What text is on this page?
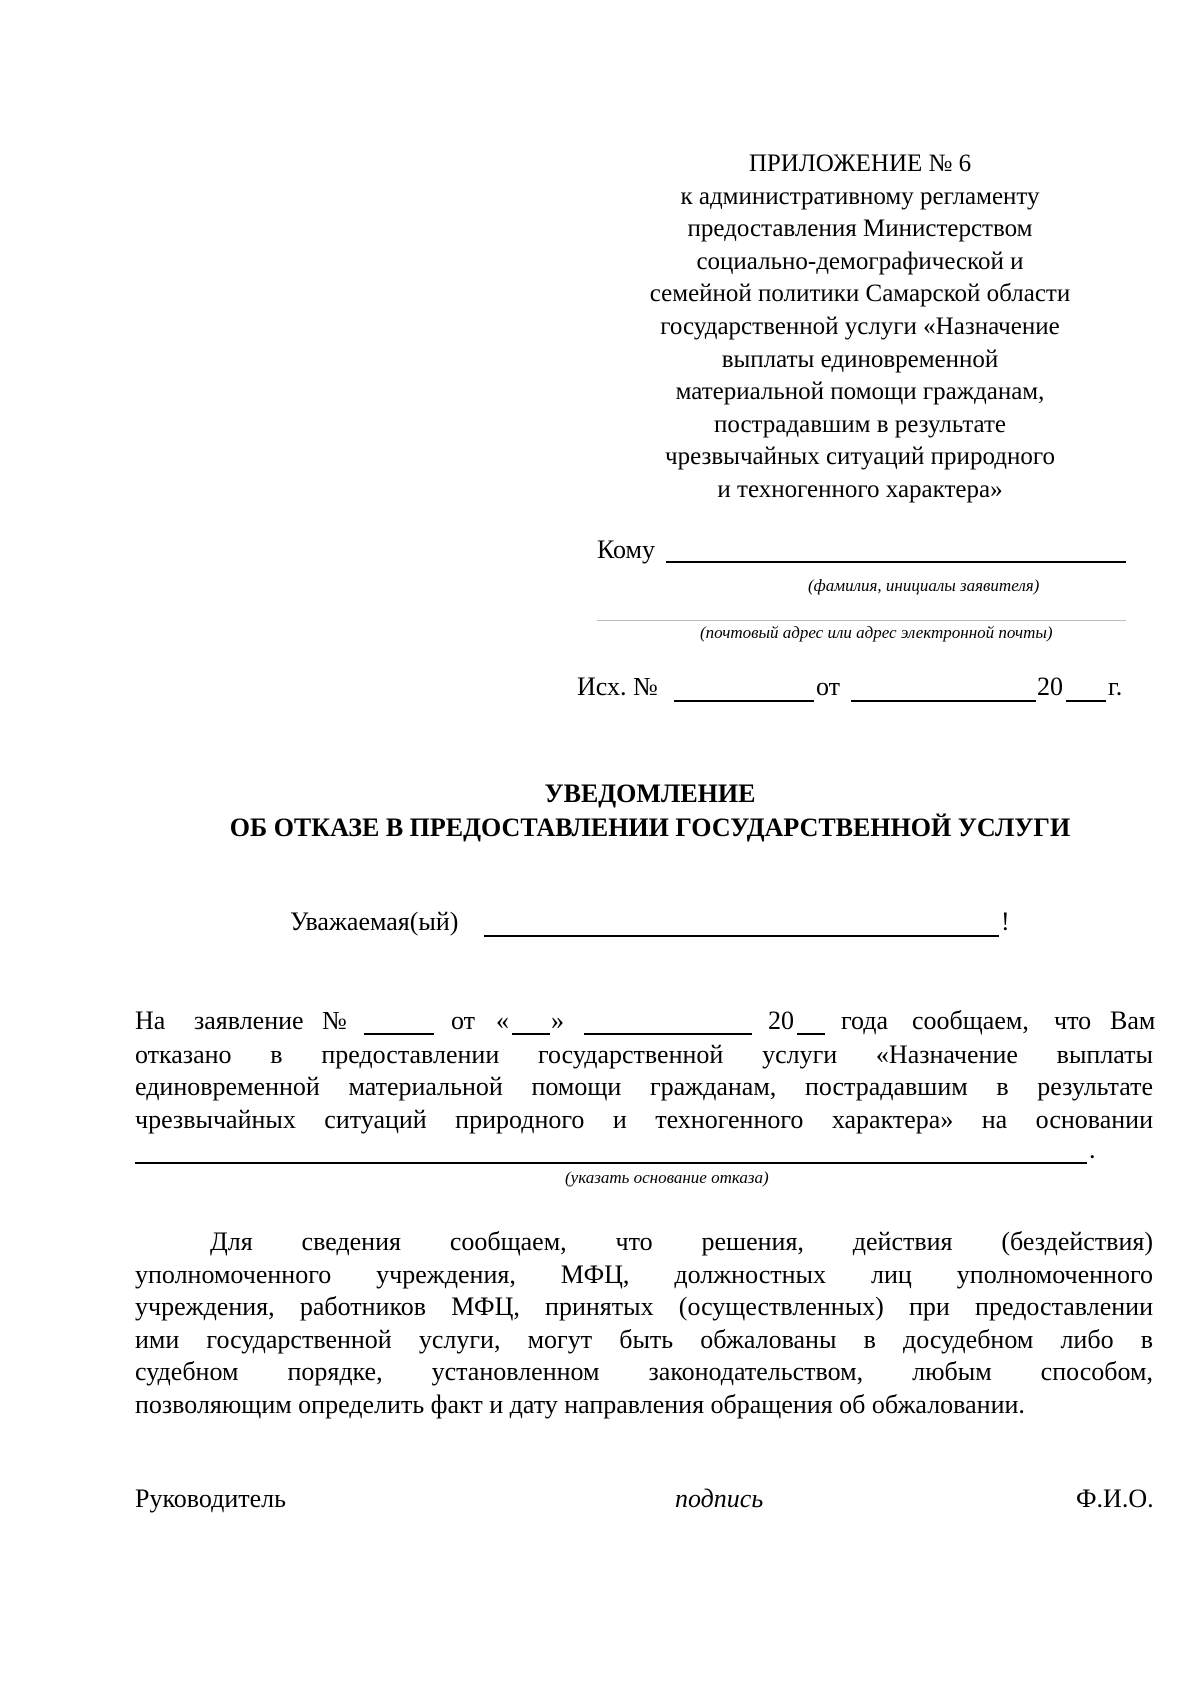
ПРИЛОЖЕНИЕ № 6
к административному регламенту
предоставления Министерством
социально-демографической и
семейной политики Самарской области
государственной услуги «Назначение
выплаты единовременной
материальной помощи гражданам,
пострадавшим в результате
чрезвычайных ситуаций природного
и техногенного характера»
Кому
(фамилия, инициалы заявителя)
(почтовый адрес или адрес электронной почты)
Исх. №	от	20 г.
УВЕДОМЛЕНИЕ
ОБ ОТКАЗЕ В ПРЕДОСТАВЛЕНИИ ГОСУДАРСТВЕННОЙ УСЛУГИ
Уважаемая(ый)	!
На заявление №	от « »	20 года сообщаем, что Вам
отказано в предоставлении государственной услуги «Назначение выплаты
единовременной материальной помощи гражданам, пострадавшим в результате
чрезвычайных ситуаций природного и техногенного характера» на основании
.
(указать основание отказа)
Для сведения сообщаем, что решения, действия (бездействия)
уполномоченного учреждения, МФЦ, должностных лиц уполномоченного
учреждения, работников МФЦ, принятых (осуществленных) при предоставлении
ими государственной услуги, могут быть обжалованы в досудебном либо в
судебном порядке, установленном законодательством, любым способом,
позволяющим определить факт и дату направления обращения об обжаловании.
Руководитель	подпись	Ф.И.О.
